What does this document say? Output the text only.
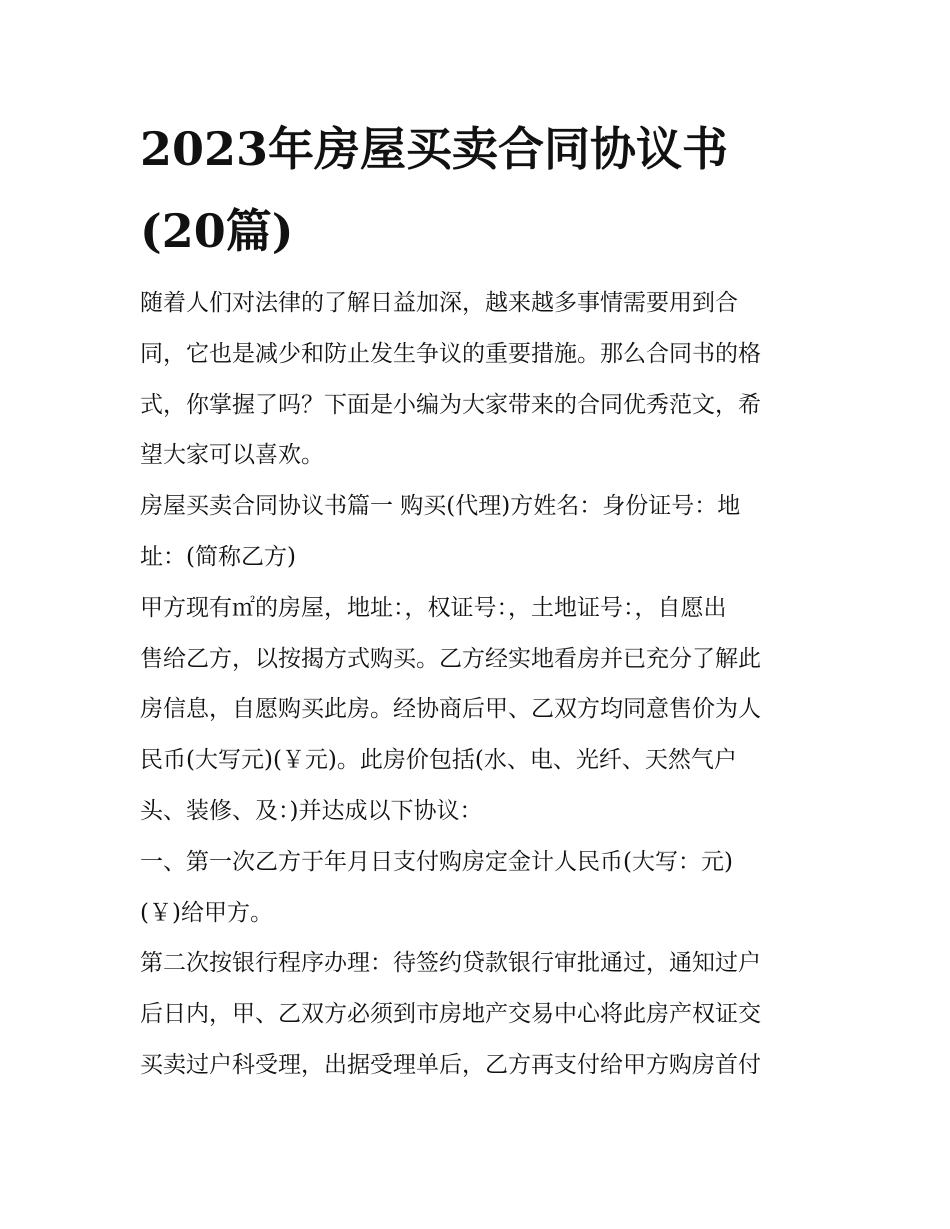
2023年房屋买卖合同协议书
(20篇)
随着人们对法律的了解日益加深，越来越多事情需要用到合
同，它也是减少和防止发生争议的重要措施。那么合同书的格
式，你掌握了吗？下面是小编为大家带来的合同优秀范文，希
望大家可以喜欢。
房屋买卖合同协议书篇一 购买(代理)方姓名：身份证号：地
址：(简称乙方)
甲方现有㎡的房屋，地址：，权证号：，土地证号：，自愿出
售给乙方，以按揭方式购买。乙方经实地看房并已充分了解此
房信息，自愿购买此房。经协商后甲、乙双方均同意售价为人
民币(大写元)(￥元)。此房价包括(水、电、光纤、天然气户
头、装修、及：)并达成以下协议：
一、第一次乙方于年月日支付购房定金计人民币(大写：元)
(￥)给甲方。
第二次按银行程序办理：待签约贷款银行审批通过，通知过户
后日内，甲、乙双方必须到市房地产交易中心将此房产权证交
买卖过户科受理，出据受理单后，乙方再支付给甲方购房首付
